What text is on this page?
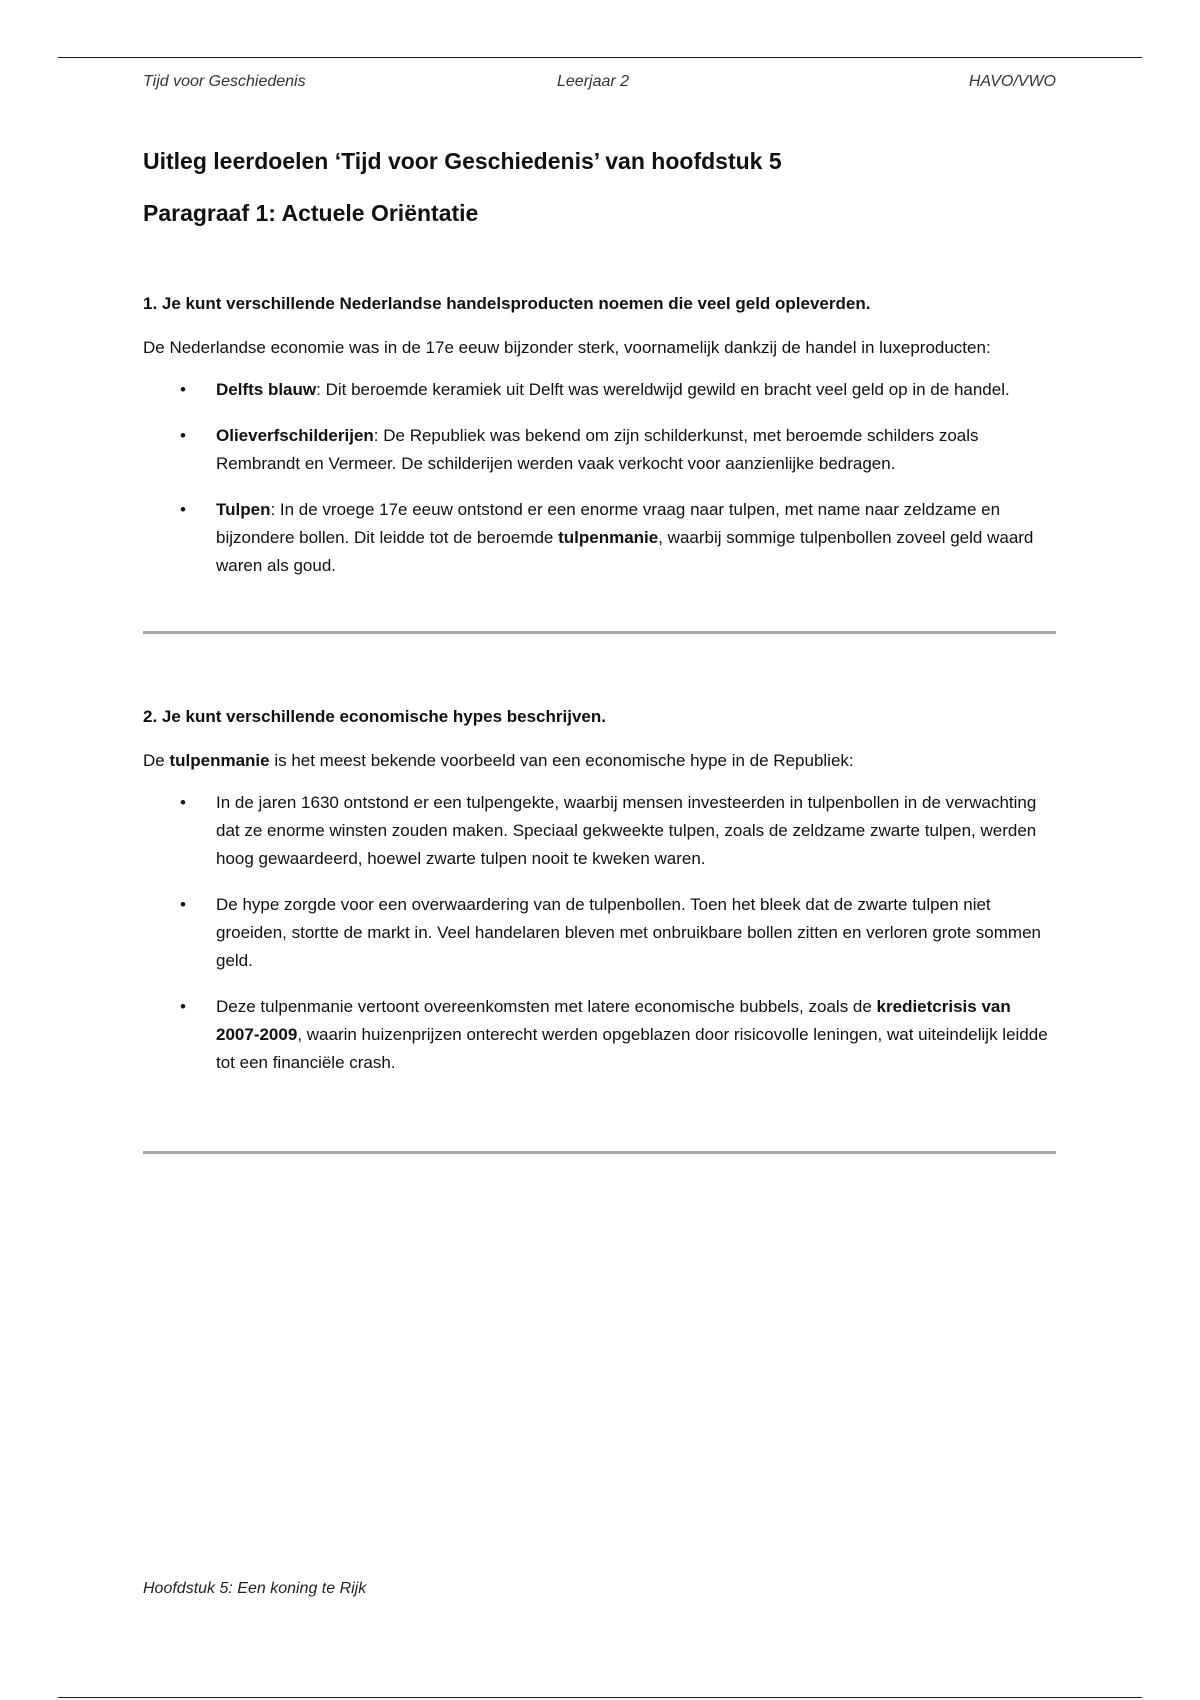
Tijd voor Geschiedenis	Leerjaar 2	HAVO/VWO
Uitleg leerdoelen ‘Tijd voor Geschiedenis’ van hoofdstuk 5
Paragraaf 1: Actuele Oriëntatie

1. Je kunt verschillende Nederlandse handelsproducten noemen die veel geld opleverden.

De Nederlandse economie was in de 17e eeuw bijzonder sterk, voornamelijk dankzij de handel in luxeproducten:

• Delfts blauw: Dit beroemde keramiek uit Delft was wereldwijd gewild en bracht veel geld op in de handel.
• Olieverfschilderijen: De Republiek was bekend om zijn schilderkunst, met beroemde schilders zoals Rembrandt en Vermeer. De schilderijen werden vaak verkocht voor aanzienlijke bedragen.
• Tulpen: In de vroege 17e eeuw ontstond er een enorme vraag naar tulpen, met name naar zeldzame en bijzondere bollen. Dit leidde tot de beroemde tulpenmanie, waarbij sommige tulpenbollen zoveel geld waard waren als goud.

2. Je kunt verschillende economische hypes beschrijven.

De tulpenmanie is het meest bekende voorbeeld van een economische hype in de Republiek:

• In de jaren 1630 ontstond er een tulpengekte, waarbij mensen investeerden in tulpenbollen in de verwachting dat ze enorme winsten zouden maken. Speciaal gekweekte tulpen, zoals de zeldzame zwarte tulpen, werden hoog gewaardeerd, hoewel zwarte tulpen nooit te kweken waren.
• De hype zorgde voor een overwaardering van de tulpenbollen. Toen het bleek dat de zwarte tulpen niet groeiden, stortte de markt in. Veel handelaren bleven met onbruikbare bollen zitten en verloren grote sommen geld.
• Deze tulpenmanie vertoont overeenkomsten met latere economische bubbels, zoals de kredietcrisis van 2007-2009, waarin huizenprijzen onterecht werden opgeblazen door risicovolle leningen, wat uiteindelijk leidde tot een financiële crash.
Hoofdstuk 5: Een koning te Rijk
